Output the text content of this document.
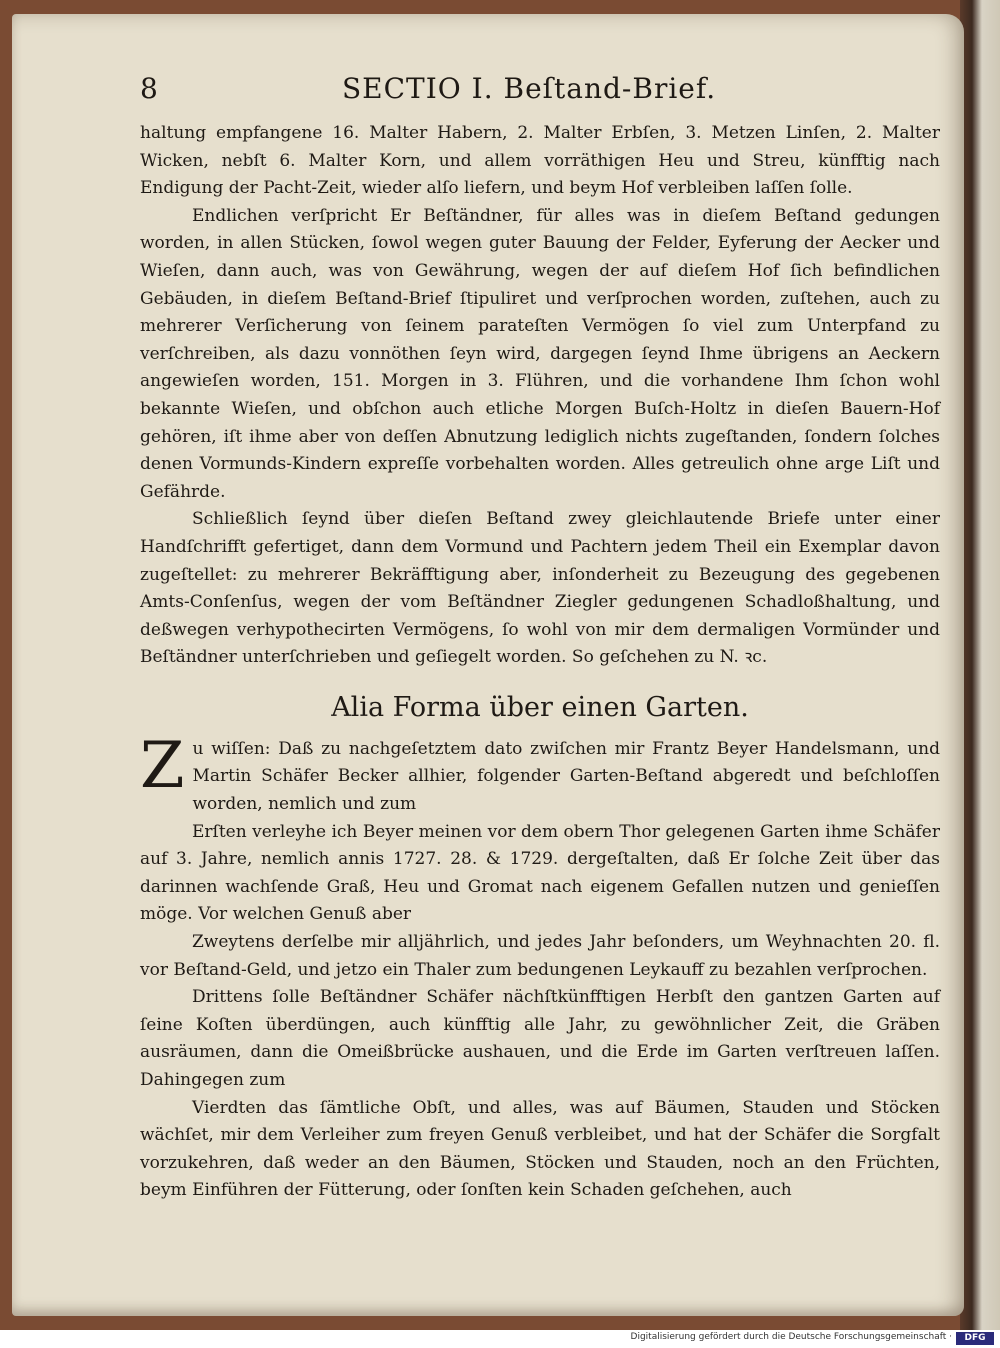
8	SECTIO I. Beſtand-Brief.

haltung empfangene 16. Malter Habern, 2. Malter Erbſen, 3. Metzen Linſen, 2. Malter Wicken, nebſt 6. Malter Korn, und allem vorräthigen Heu und Streu, künfftig nach Endigung der Pacht-Zeit, wieder alſo liefern, und beym Hof verbleiben laſſen ſolle.

Endlichen verſpricht Er Beſtändner, für alles was in dieſem Beſtand gedungen worden, in allen Stücken, ſowol wegen guter Bauung der Felder, Eyferung der Aecker und Wieſen, dann auch, was von Gewährung, wegen der auf dieſem Hof ſich befindlichen Gebäuden, in dieſem Beſtand-Brief ſtipuliret und verſprochen worden, zuſtehen, auch zu mehrerer Verſicherung von ſeinem parateſten Vermögen ſo viel zum Unterpfand zu verſchreiben, als dazu vonnöthen ſeyn wird, dargegen ſeynd Ihme übrigens an Aeckern angewieſen worden, 151. Morgen in 3. Flühren, und die vorhandene Ihm ſchon wohl bekannte Wieſen, und obſchon auch etliche Morgen Buſch-Holtz in dieſen Bauern-Hof gehören, iſt ihme aber von deſſen Abnutzung lediglich nichts zugeſtanden, ſondern ſolches denen Vormunds-Kindern expreſſe vorbehalten worden. Alles getreulich ohne arge Liſt und Gefährde.

Schließlich ſeynd über dieſen Beſtand zwey gleichlautende Briefe unter einer Handſchrifft gefertiget, dann dem Vormund und Pachtern jedem Theil ein Exemplar davon zugeſtellet: zu mehrerer Bekräfftigung aber, inſonderheit zu Bezeugung des gegebenen Amts-Conſenſus, wegen der vom Beſtändner Ziegler gedungenen Schadloßhaltung, und deßwegen verhypothecirten Vermögens, ſo wohl von mir dem dermaligen Vormünder und Beſtändner unterſchrieben und geſiegelt worden. So geſchehen zu N. ꝛc.

Alia Forma über einen Garten.

Z u wiſſen: Daß zu nachgeſetztem dato zwiſchen mir Frantz Beyer Handelsmann, und Martin Schäfer Becker allhier, folgender Garten-Beſtand abgeredt und beſchloſſen worden, nemlich und zum

Erſten verleyhe ich Beyer meinen vor dem obern Thor gelegenen Garten ihme Schäfer auf 3. Jahre, nemlich annis 1727. 28. & 1729. dergeſtalten, daß Er ſolche Zeit über das darinnen wachſende Graß, Heu und Gromat nach eigenem Gefallen nutzen und genieſſen möge. Vor welchen Genuß aber

Zweytens derſelbe mir alljährlich, und jedes Jahr beſonders, um Weyhnachten 20. fl. vor Beſtand-Geld, und jetzo ein Thaler zum bedungenen Leykauff zu bezahlen verſprochen.

Drittens ſolle Beſtändner Schäfer nächſtkünfftigen Herbſt den gantzen Garten auf ſeine Koſten überdüngen, auch künfftig alle Jahr, zu gewöhnlicher Zeit, die Gräben ausräumen, dann die Omeißbrücke aushauen, und die Erde im Garten verſtreuen laſſen. Dahingegen zum

Vierdten das ſämtliche Obſt, und alles, was auf Bäumen, Stauden und Stöcken wächſet, mir dem Verleiher zum freyen Genuß verbleibet, und hat der Schäfer die Sorgfalt vorzukehren, daß weder an den Bäumen, Stöcken und Stauden, noch an den Früchten, beym Einführen der Fütterung, oder ſonſten kein Schaden geſchehen, auch

Digitalisierung gefördert durch die Deutsche Forschungsgemeinschaft ·	DFG
